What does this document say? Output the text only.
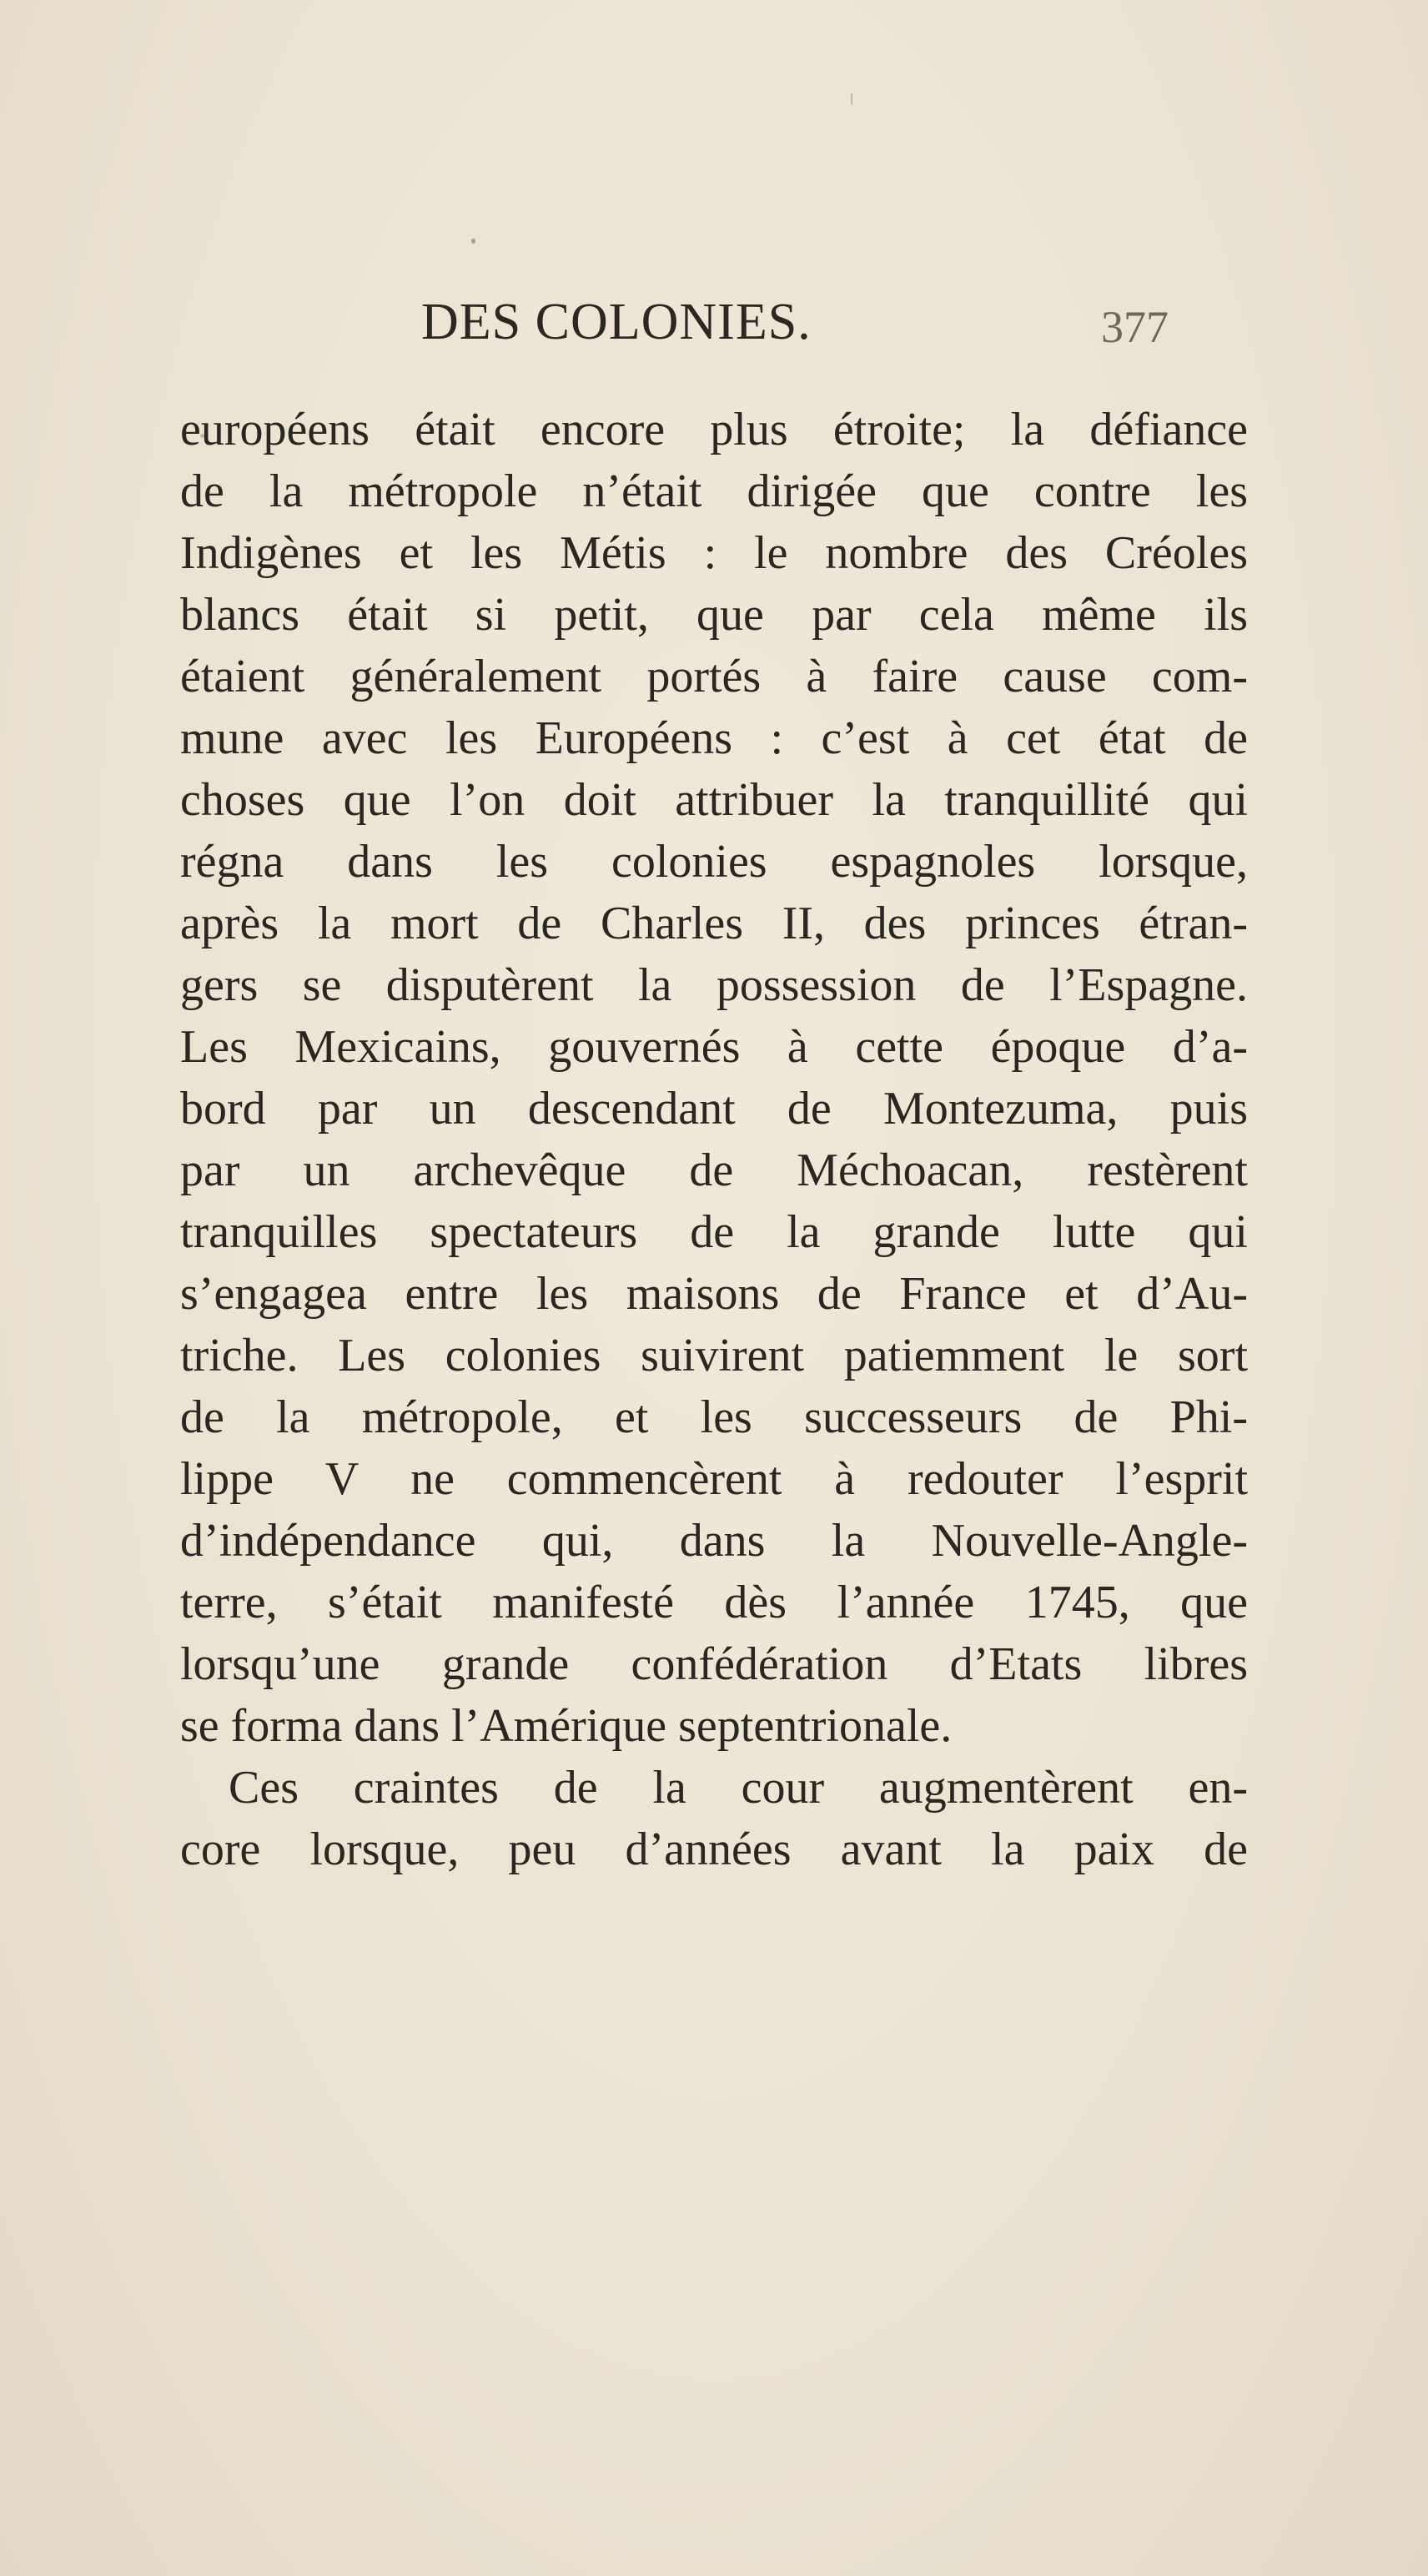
DES COLONIES.	377
européens était encore plus étroite; la défiance
de la métropole n’était dirigée que contre les
Indigènes et les Métis : le nombre des Créoles
blancs était si petit, que par cela même ils
étaient généralement portés à faire cause com-
mune avec les Européens : c’est à cet état de
choses que l’on doit attribuer la tranquillité qui
régna dans les colonies espagnoles lorsque,
après la mort de Charles II, des princes étran-
gers se disputèrent la possession de l’Espagne.
Les Mexicains, gouvernés à cette époque d’a-
bord par un descendant de Montezuma, puis
par un archevêque de Méchoacan, restèrent
tranquilles spectateurs de la grande lutte qui
s’engagea entre les maisons de France et d’Au-
triche. Les colonies suivirent patiemment le sort
de la métropole, et les successeurs de Phi-
lippe V ne commencèrent à redouter l’esprit
d’indépendance qui, dans la Nouvelle-Angle-
terre, s’était manifesté dès l’année 1745, que
lorsqu’une grande confédération d’Etats libres
se forma dans l’Amérique septentrionale.
Ces craintes de la cour augmentèrent en-
core lorsque, peu d’années avant la paix de
